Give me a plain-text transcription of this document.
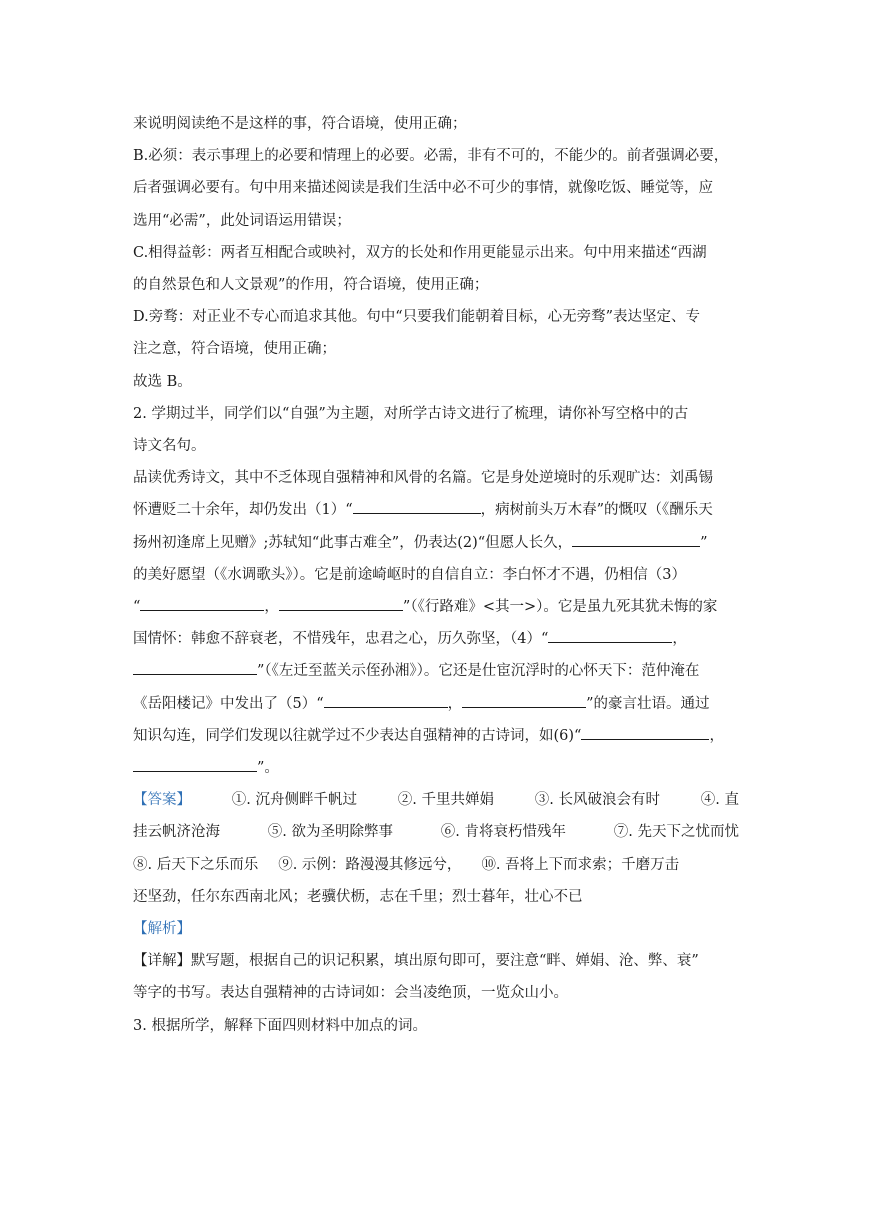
来说明阅读绝不是这样的事，符合语境，使用正确；

B.必须：表示事理上的必要和情理上的必要。必需，非有不可的，不能少的。前者强调必要，

后者强调必要有。句中用来描述阅读是我们生活中必不可少的事情，就像吃饭、睡觉等，应

选用“必需”，此处词语运用错误；

C.相得益彰：两者互相配合或映衬，双方的长处和作用更能显示出来。句中用来描述“西湖

的自然景色和人文景观”的作用，符合语境，使用正确；

D.旁骛：对正业不专心而追求其他。句中“只要我们能朝着目标，心无旁骛”表达坚定、专

注之意，符合语境，使用正确；

故选 B。

2. 学期过半，同学们以“自强”为主题，对所学古诗文进行了梳理，请你补写空格中的古

诗文名句。

品读优秀诗文，其中不乏体现自强精神和风骨的名篇。它是身处逆境时的乐观旷达：刘禹锡

怀遭贬二十余年，却仍发出（1）“	，病树前头万木春”的慨叹（《酬乐天

扬州初逢席上见赠》;苏轼知“此事古难全”，仍表达(2)“但愿人长久，	”

的美好愿望（《水调歌头》）。它是前途崎岖时的自信自立：李白怀才不遇，仍相信（3）

“	，	”（《行路难》<其一>）。它是虽九死其犹未悔的家

国情怀：韩愈不辞衰老，不惜残年，忠君之心，历久弥坚，（4）“	，

”（《左迁至蓝关示侄孙湘》）。它还是仕宦沉浮时的心怀天下：范仲淹在

《岳阳楼记》中发出了（5）“	，	”的豪言壮语。通过

知识勾连，同学们发现以往就学过不少表达自强精神的古诗词，如(6)“	，

”。

【答案】	①. 沉舟侧畔千帆过	②. 千里共婵娟	③. 长风破浪会有时	④. 直
挂云帆济沧海	⑤. 欲为圣明除弊事	⑥. 肯将衰朽惜残年	⑦. 先天下之忧而忧
⑧. 后天下之乐而乐 ⑨. 示例：路漫漫其修远兮， ⑩. 吾将上下而求索；千磨万击

还坚劲，任尔东西南北风；老骥伏枥，志在千里；烈士暮年，壮心不已

【解析】

【详解】默写题，根据自己的识记积累，填出原句即可，要注意“畔、婵娟、沧、弊、衰”

等字的书写。表达自强精神的古诗词如：会当凌绝顶，一览众山小。

3. 根据所学，解释下面四则材料中加点的词。
